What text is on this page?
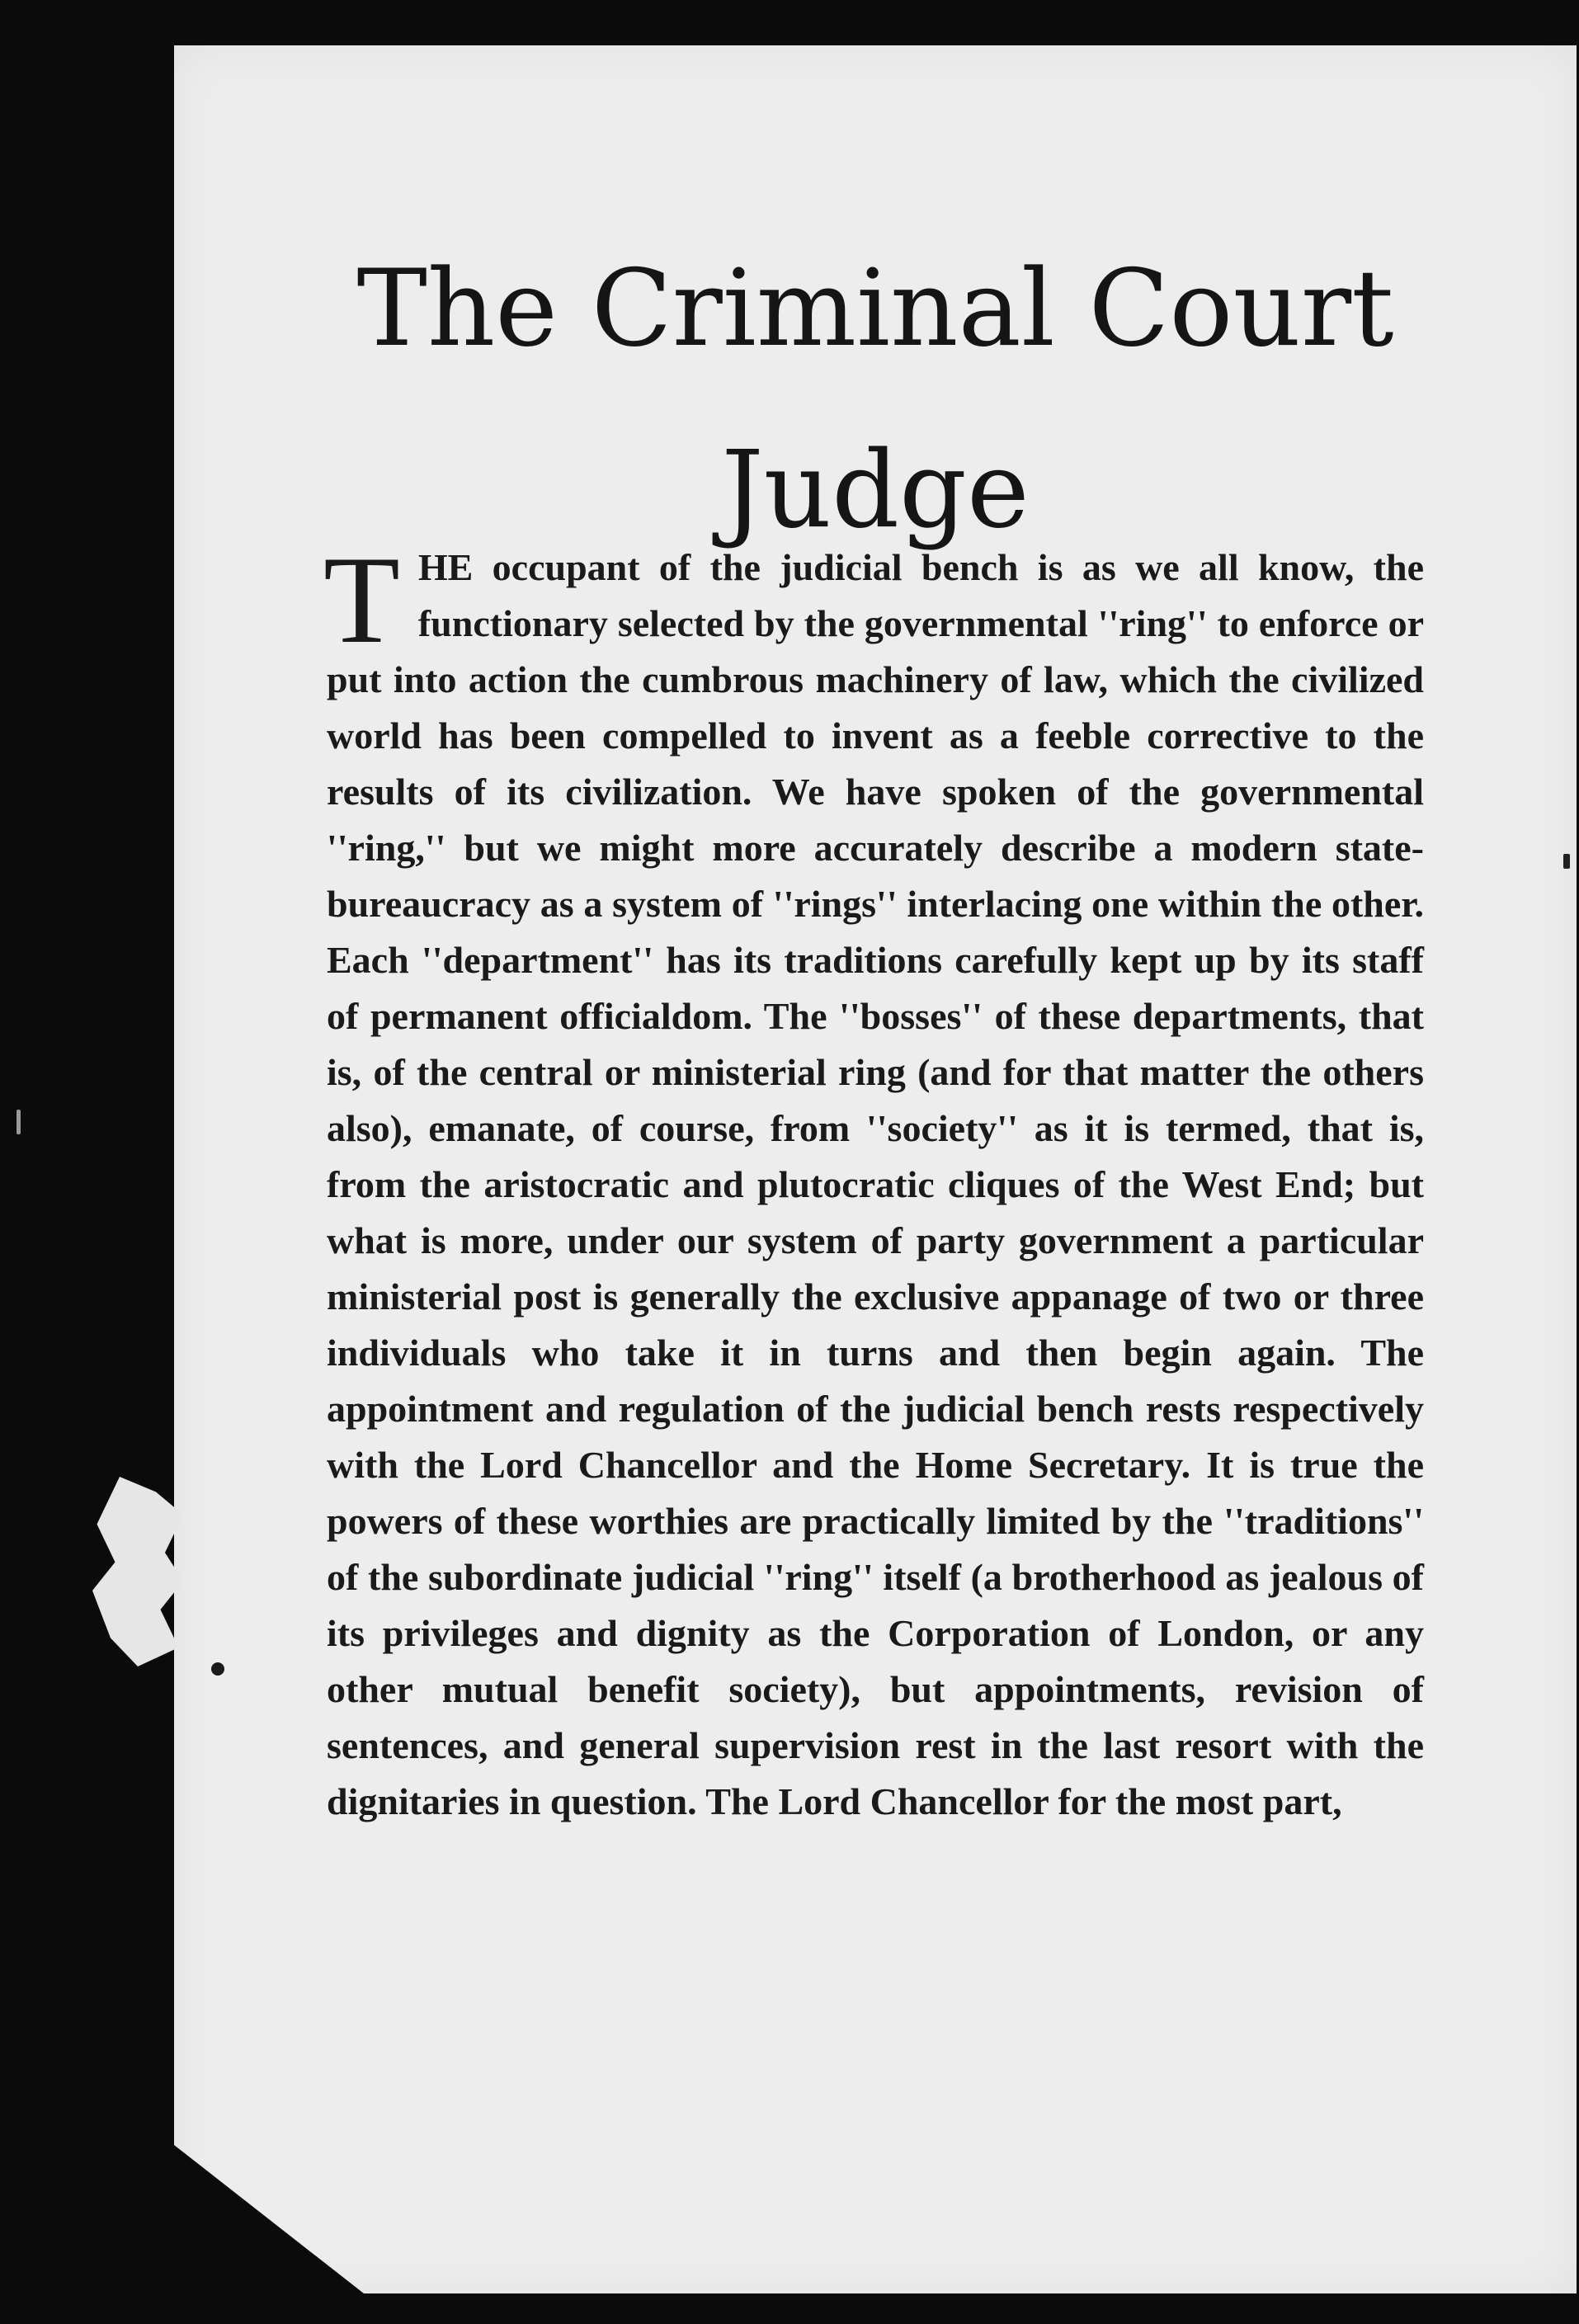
The Criminal Court
Judge

THE occupant of the judicial bench is as we all know, the functionary selected by the governmental ''ring'' to enforce or put into action the cumbrous machinery of law, which the civilized world has been compelled to invent as a feeble corrective to the results of its civilization. We have spoken of the governmental ''ring,'' but we might more accurately describe a modern state-bureaucracy as a system of ''rings'' interlacing one within the other. Each ''department'' has its traditions carefully kept up by its staff of permanent officialdom. The ''bosses'' of these departments, that is, of the central or ministerial ring (and for that matter the others also), emanate, of course, from ''society'' as it is termed, that is, from the aristocratic and plutocratic cliques of the West End; but what is more, under our system of party government a particular ministerial post is generally the exclusive appanage of two or three individuals who take it in turns and then begin again. The appointment and regulation of the judicial bench rests respectively with the Lord Chancellor and the Home Secretary. It is true the powers of these worthies are practically limited by the ''traditions'' of the subordinate judicial ''ring'' itself (a brotherhood as jealous of its privileges and dignity as the Corporation of London, or any other mutual benefit society), but appointments, revision of sentences, and general supervision rest in the last resort with the dignitaries in question. The Lord Chancellor for the most part,
